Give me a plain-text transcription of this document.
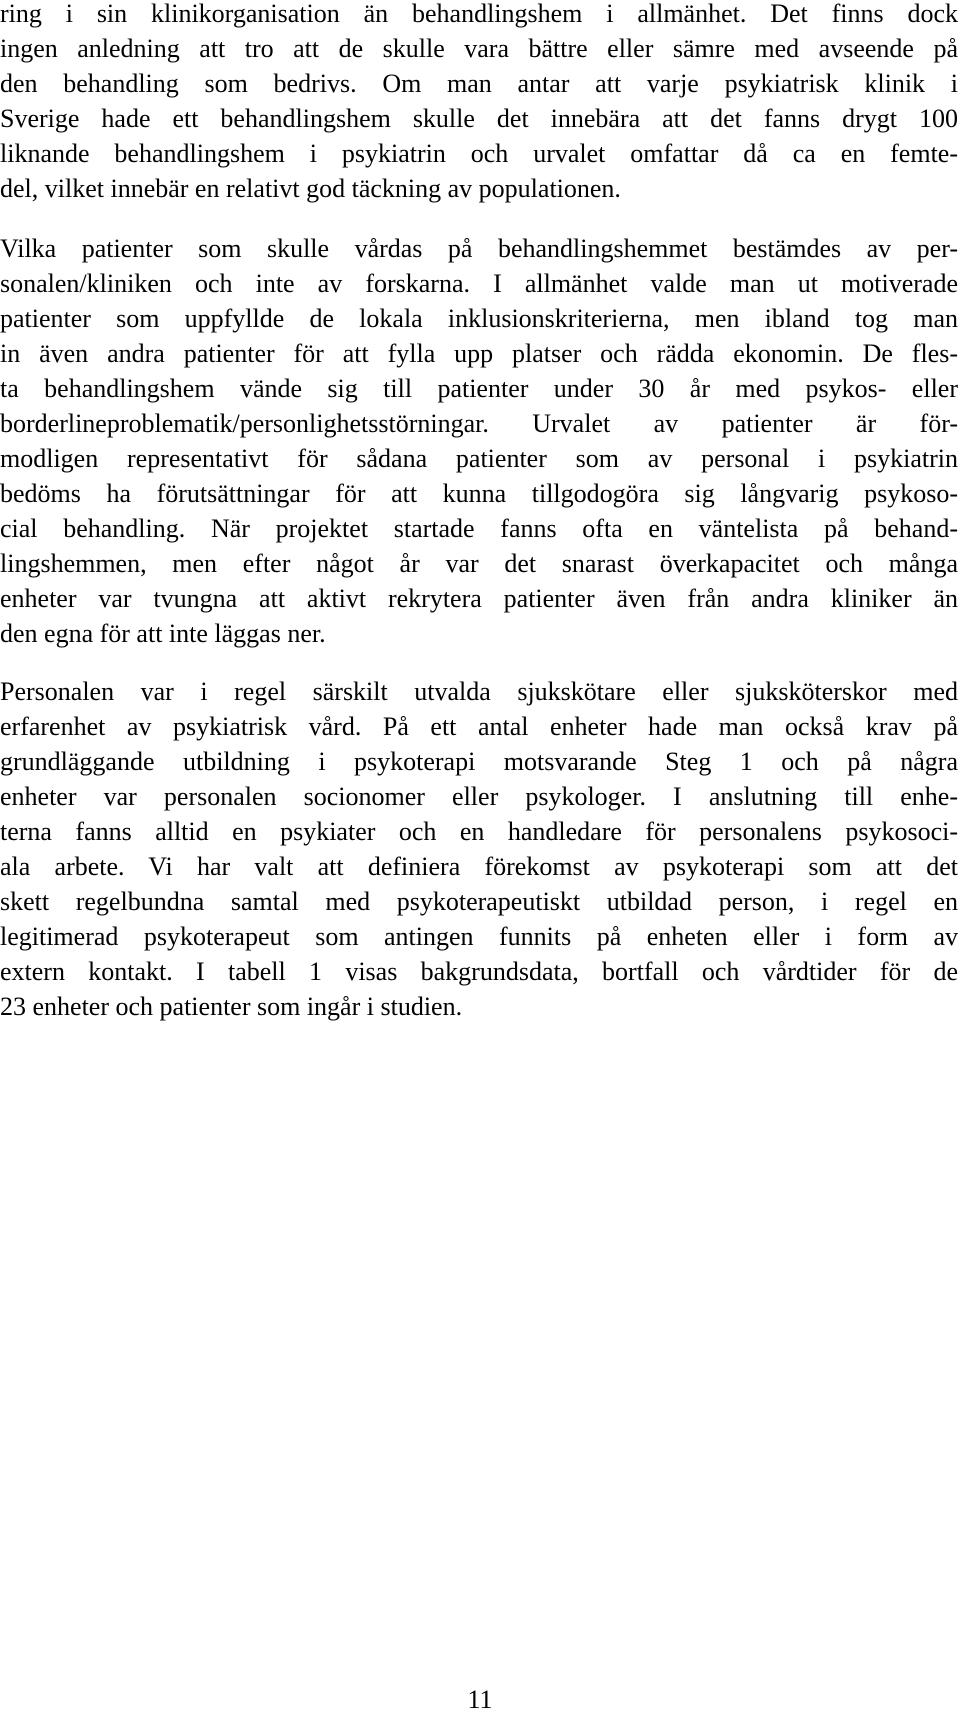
ring i sin klinikorganisation än behandlingshem i allmänhet. Det finns dock
ingen anledning att tro att de skulle vara bättre eller sämre med avseende på
den behandling som bedrivs. Om man antar att varje psykiatrisk klinik i
Sverige hade ett behandlingshem skulle det innebära att det fanns drygt 100
liknande behandlingshem i psykiatrin och urvalet omfattar då ca en femte-
del, vilket innebär en relativt god täckning av populationen.
Vilka patienter som skulle vårdas på behandlingshemmet bestämdes av per-
sonalen/kliniken och inte av forskarna. I allmänhet valde man ut motiverade
patienter som uppfyllde de lokala inklusionskriterierna, men ibland tog man
in även andra patienter för att fylla upp platser och rädda ekonomin. De fles-
ta behandlingshem vände sig till patienter under 30 år med psykos- eller
borderlineproblematik/personlighetsstörningar. Urvalet av patienter är för-
modligen representativt för sådana patienter som av personal i psykiatrin
bedöms ha förutsättningar för att kunna tillgodogöra sig långvarig psykoso-
cial behandling. När projektet startade fanns ofta en väntelista på behand-
lingshemmen, men efter något år var det snarast överkapacitet och många
enheter var tvungna att aktivt rekrytera patienter även från andra kliniker än
den egna för att inte läggas ner.
Personalen var i regel särskilt utvalda sjukskötare eller sjuksköterskor med
erfarenhet av psykiatrisk vård. På ett antal enheter hade man också krav på
grundläggande utbildning i psykoterapi motsvarande Steg 1 och på några
enheter var personalen socionomer eller psykologer. I anslutning till enhe-
terna fanns alltid en psykiater och en handledare för personalens psykosoci-
ala arbete. Vi har valt att definiera förekomst av psykoterapi som att det
skett regelbundna samtal med psykoterapeutiskt utbildad person, i regel en
legitimerad psykoterapeut som antingen funnits på enheten eller i form av
extern kontakt. I tabell 1 visas bakgrundsdata, bortfall och vårdtider för de
23 enheter och patienter som ingår i studien.
11
